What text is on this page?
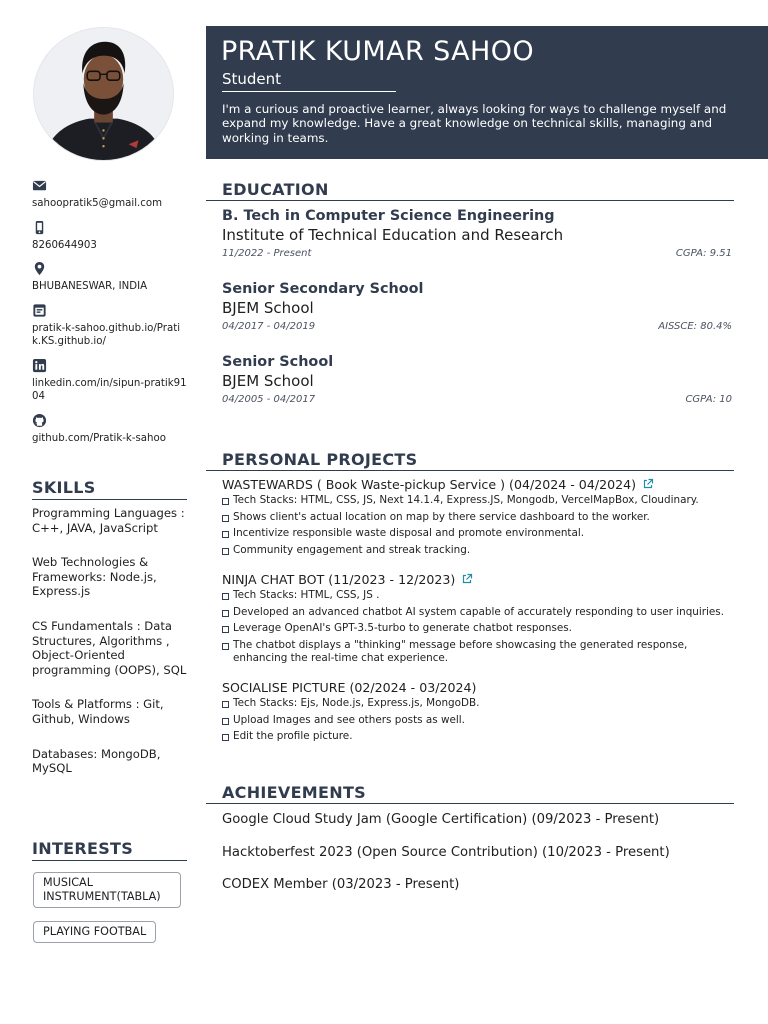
sahoopratik5@gmail.com
8260644903
BHUBANESWAR, INDIA
pratik-k-sahoo.github.io/Pratik.KS.github.io/
linkedin.com/in/sipun-pratik9104
github.com/Pratik-k-sahoo
SKILLS
Programming Languages : C++, JAVA, JavaScript
Web Technologies & Frameworks: Node.js, Express.js
CS Fundamentals : Data Structures, Algorithms , Object-Oriented programming (OOPS), SQL
Tools & Platforms : Git, Github, Windows
Databases: MongoDB, MySQL
INTERESTS
MUSICAL INSTRUMENT(TABLA)
PLAYING FOOTBAL
PRATIK KUMAR SAHOO
Student
I'm a curious and proactive learner, always looking for ways to challenge myself and expand my knowledge. Have a great knowledge on technical skills, managing and working in teams.
EDUCATION
B. Tech in Computer Science Engineering
Institute of Technical Education and Research
11/2022 - Present	CGPA: 9.51
Senior Secondary School
BJEM School
04/2017 - 04/2019	AISSCE: 80.4%
Senior School
BJEM School
04/2005 - 04/2017	CGPA: 10
PERSONAL PROJECTS
WASTEWARDS ( Book Waste-pickup Service ) (04/2024 - 04/2024)
Tech Stacks: HTML, CSS, JS, Next 14.1.4, Express.JS, Mongodb, VercelMapBox, Cloudinary.
Shows client's actual location on map by there service dashboard to the worker.
Incentivize responsible waste disposal and promote environmental.
Community engagement and streak tracking.
NINJA CHAT BOT (11/2023 - 12/2023)
Tech Stacks: HTML, CSS, JS .
Developed an advanced chatbot AI system capable of accurately responding to user inquiries.
Leverage OpenAI's GPT-3.5-turbo to generate chatbot responses.
The chatbot displays a "thinking" message before showcasing the generated response, enhancing the real-time chat experience.
SOCIALISE PICTURE (02/2024 - 03/2024)
Tech Stacks: Ejs, Node.js, Express.js, MongoDB.
Upload Images and see others posts as well.
Edit the profile picture.
ACHIEVEMENTS
Google Cloud Study Jam (Google Certification) (09/2023 - Present)
Hacktoberfest 2023 (Open Source Contribution) (10/2023 - Present)
CODEX Member (03/2023 - Present)
